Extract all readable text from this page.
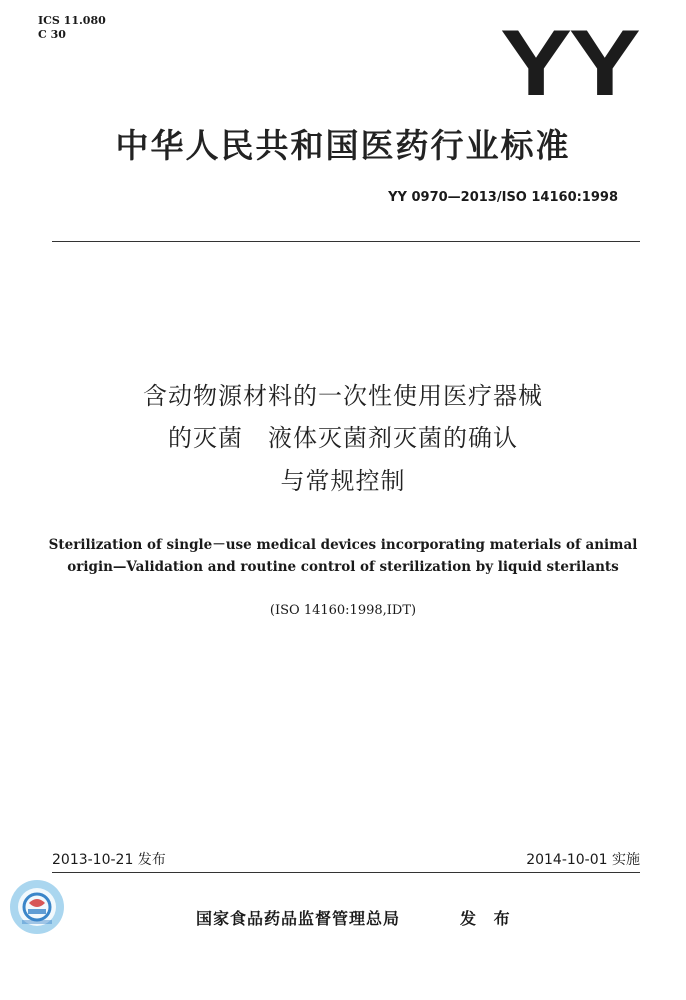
ICS 11.080
C 30	YY
中华人民共和国医药行业标准
YY 0970—2013/ISO 14160:1998
含动物源材料的一次性使用医疗器械
的灭菌　液体灭菌剂灭菌的确认
与常规控制
Sterilization of single－use medical devices incorporating materials of animal
origin—Validation and routine control of sterilization by liquid sterilants
(ISO 14160:1998,IDT)
2013-10-21 发布	2014-10-01 实施
国家食品药品监督管理总局	发 布
